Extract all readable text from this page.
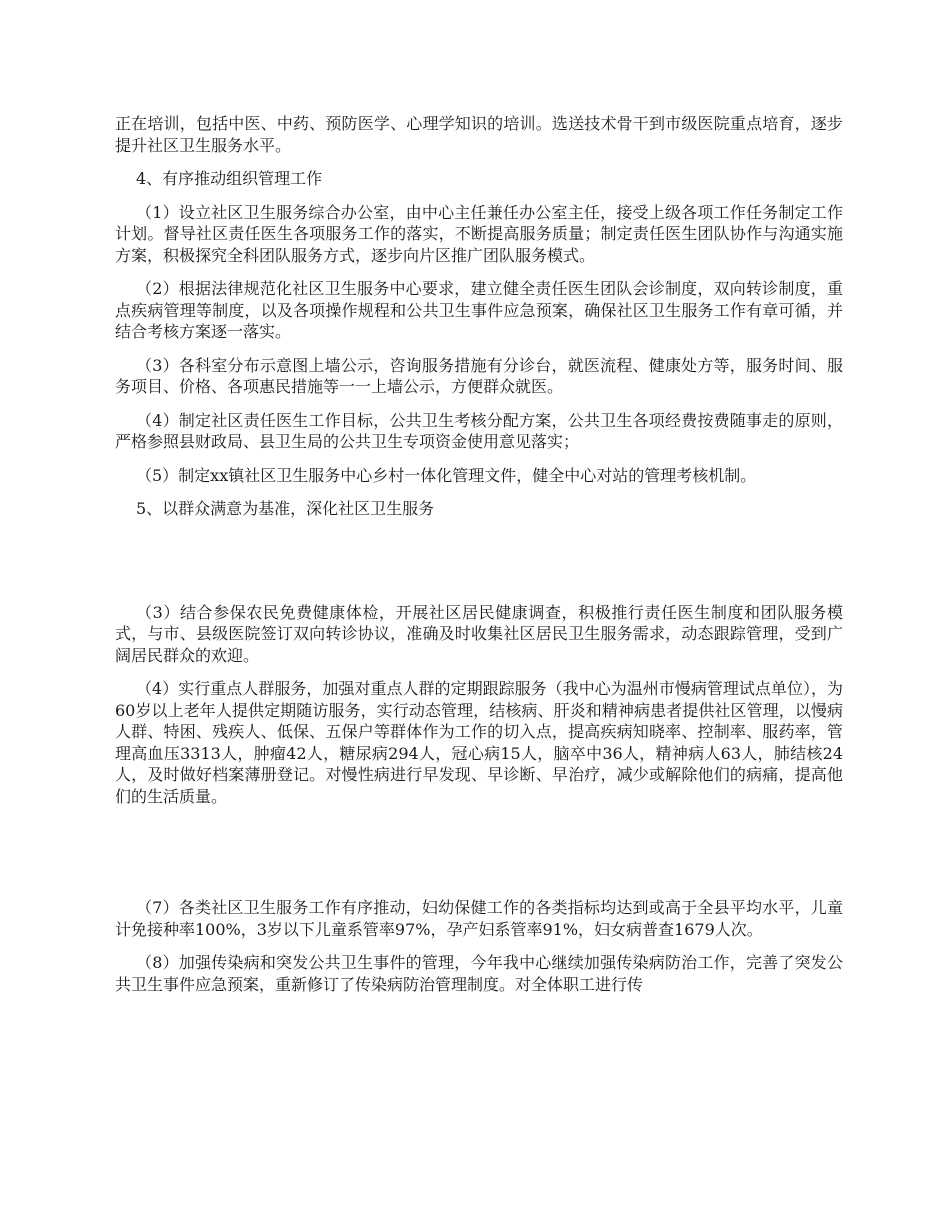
正在培训，包括中医、中药、预防医学、心理学知识的培训。选送技术骨干到市级医院重点培育，逐步提升社区卫生服务水平。

4、有序推动组织管理工作

（1）设立社区卫生服务综合办公室，由中心主任兼任办公室主任，接受上级各项工作任务制定工作计划。督导社区责任医生各项服务工作的落实，不断提高服务质量；制定责任医生团队协作与沟通实施方案，积极探究全科团队服务方式，逐步向片区推广团队服务模式。

（2）根据法律规范化社区卫生服务中心要求，建立健全责任医生团队会诊制度，双向转诊制度，重点疾病管理等制度，以及各项操作规程和公共卫生事件应急预案，确保社区卫生服务工作有章可循，并结合考核方案逐一落实。

（3）各科室分布示意图上墙公示，咨询服务措施有分诊台，就医流程、健康处方等，服务时间、服务项目、价格、各项惠民措施等一一上墙公示，方便群众就医。

（4）制定社区责任医生工作目标，公共卫生考核分配方案，公共卫生各项经费按费随事走的原则，严格参照县财政局、县卫生局的公共卫生专项资金使用意见落实；

（5）制定xx镇社区卫生服务中心乡村一体化管理文件，健全中心对站的管理考核机制。

5、以群众满意为基准，深化社区卫生服务

（3）结合参保农民免费健康体检，开展社区居民健康调查，积极推行责任医生制度和团队服务模式，与市、县级医院签订双向转诊协议，准确及时收集社区居民卫生服务需求，动态跟踪管理，受到广阔居民群众的欢迎。

（4）实行重点人群服务，加强对重点人群的定期跟踪服务（我中心为温州市慢病管理试点单位），为60岁以上老年人提供定期随访服务，实行动态管理，结核病、肝炎和精神病患者提供社区管理，以慢病人群、特困、残疾人、低保、五保户等群体作为工作的切入点，提高疾病知晓率、控制率、服药率，管理高血压3313人，肿瘤42人，糖尿病294人，冠心病15人，脑卒中36人，精神病人63人，肺结核24人，及时做好档案薄册登记。对慢性病进行早发现、早诊断、早治疗，减少或解除他们的病痛，提高他们的生活质量。

（7）各类社区卫生服务工作有序推动，妇幼保健工作的各类指标均达到或高于全县平均水平，儿童计免接种率100%，3岁以下儿童系管率97%，孕产妇系管率91%，妇女病普查1679人次。

（8）加强传染病和突发公共卫生事件的管理，今年我中心继续加强传染病防治工作，完善了突发公共卫生事件应急预案，重新修订了传染病防治管理制度。对全体职工进行传
